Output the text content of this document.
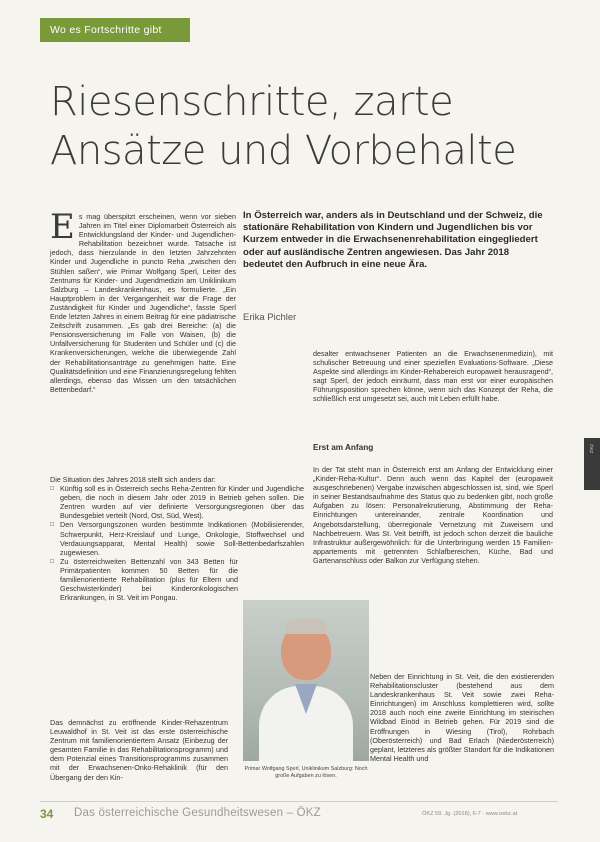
Wo es Fortschritte gibt
Riesenschritte, zarte
Ansätze und Vorbehalte
Es mag überspitzt erscheinen, wenn vor sieben Jahren im Titel einer Diplomarbeit Österreich als Entwicklungsland der Kinder- und Jugendlichen-Rehabilitation bezeichnet wurde. Tatsache ist jedoch, dass hierzulande in den letzten Jahrzehnten Kinder und Jugendliche in puncto Reha „zwischen den Stühlen saßen“, wie Primar Wolfgang Sperl, Leiter des Zentrums für Kinder- und Jugendmedizin am Uniklinikum Salzburg – Landeskrankenhaus, es formulierte. „Ein Hauptproblem in der Vergangenheit war die Frage der Zuständigkeit für Kinder und Jugendliche“, fasste Sperl Ende letzten Jahres in einem Beitrag für eine pädiatrische Zeitschrift zusammen. „Es gab drei Bereiche: (a) die Pensionsversicherung im Falle von Waisen, (b) die Unfallversicherung für Studenten und Schüler und (c) die Krankenversicherungen, welche die überwiegende Zahl der Rehabilitationsanträge zu genehmigen hatte. Eine Qualitätsdefinition und eine Finanzierungsregelung fehlten allerdings, ebenso das Wissen um den tatsächlichen Bettenbedarf.“
In Österreich war, anders als in Deutschland und der Schweiz, die stationäre Rehabilitation von Kindern und Jugendlichen bis vor Kurzem entweder in die Erwachsenenrehabilitation eingegliedert oder auf ausländische Zentren angewiesen. Das Jahr 2018 bedeutet den Aufbruch in eine neue Ära.
Erika Pichler

Die Situation des Jahres 2018 stellt sich anders dar:

□ Künftig soll es in Österreich sechs Reha-Zentren für Kinder und Jugendliche geben, die noch in diesem Jahr oder 2019 in Betrieb gehen sollen. Die Zentren wurden auf vier definierte Versorgungsregionen über das Bundesgebiet verteilt (Nord, Ost, Süd, West).

□ Den Versorgungszonen wurden bestimmte Indikationen (Mobilisierender, Schwerpunkt, Herz-Kreislauf und Lunge, Onkologie, Stoffwechsel und Verdauungsapparat, Mental Health) sowie Soll-Bettenbedarfszahlen zugewiesen.

□ Zu österreichweiten Bettenzahl von 343 Betten für Primärpatienten kommen 50 Betten für die familienorientierte Rehabilitation (plus für Eltern und Geschwisterkinder) bei Kinderonkologischen Erkrankungen, in St. Veit im Pongau.

Das demnächst zu eröffnende Kinder-Rehazentrum Leuwaldhof in St. Veit ist das erste österreichische Zentrum mit familienorientiertem Ansatz (Einbezug der gesamten Familie in das Rehabilitationsprogramm) und dem Potenzial eines Transitionsprogramms zusammen mit der Erwachsenen-Onko-Rehaklinik (für den Übergang der den Kin-
desalter entwachsener Patienten an die Erwachsenenmedizin), mit schulischer Betreuung und einer speziellen Evaluations-Software. „Diese Aspekte sind allerdings im Kinder-Rehabereich europaweit herausragend“, sagt Sperl, der jedoch einräumt, dass man erst vor einer europäischen Führungsposition sprechen könne, wenn sich das Konzept der Reha, die schließlich erst umgesetzt sei, auch mit Leben erfüllt habe.
Erst am Anfang
In der Tat steht man in Österreich erst am Anfang der Entwicklung einer „Kinder-Reha-Kultur“. Denn auch wenn das Kapitel der (europaweit ausgeschriebenen) Vergabe inzwischen abgeschlossen ist, sind, wie Sperl in seiner Bestandsaufnahme des Status quo zu bedenken gibt, noch große Aufgaben zu lösen: Personalrekrutierung, Abstimmung der Reha-Einrichtungen untereinander, zentrale Koordination und Angebotsdarstellung, überregionale Vernetzung mit Zuweisern und Nachbetreuern. Was St. Veit betrifft, ist jedoch schon derzeit die bauliche Infrastruktur außergewöhnlich: für die Unterbringung werden 15 Familien-appartements mit getrennten Schlafbereichen, Küche, Bad und Gartenanschluss oder Balkon zur Verfügung stehen.
Neben der Einrichtung in St. Veit, die den existierenden Rehabilitationscluster (bestehend aus dem Landeskrankenhaus St. Veit sowie zwei Reha-Einrichtungen) im Anschluss komplettieren wird, sollte 2018 auch noch eine zweite Einrichtung im steirischen Wildbad Einöd in Betrieb gehen. Für 2019 sind die Eröffnungen in Wiesing (Tirol), Rohrbach (Oberösterreich) und Bad Erlach (Niederösterreich) geplant, letzteres als größter Standort für die Indikationen Mental Health und
Primar Wolfgang Sperl, Uniklinikum Salzburg: Noch große Aufgaben zu lösen.
ÖKZ
34 Das österreichische Gesundheitswesen – ÖKZ	ÖKZ 59. Jg. (2018), 6-7 · www.oekz.at
